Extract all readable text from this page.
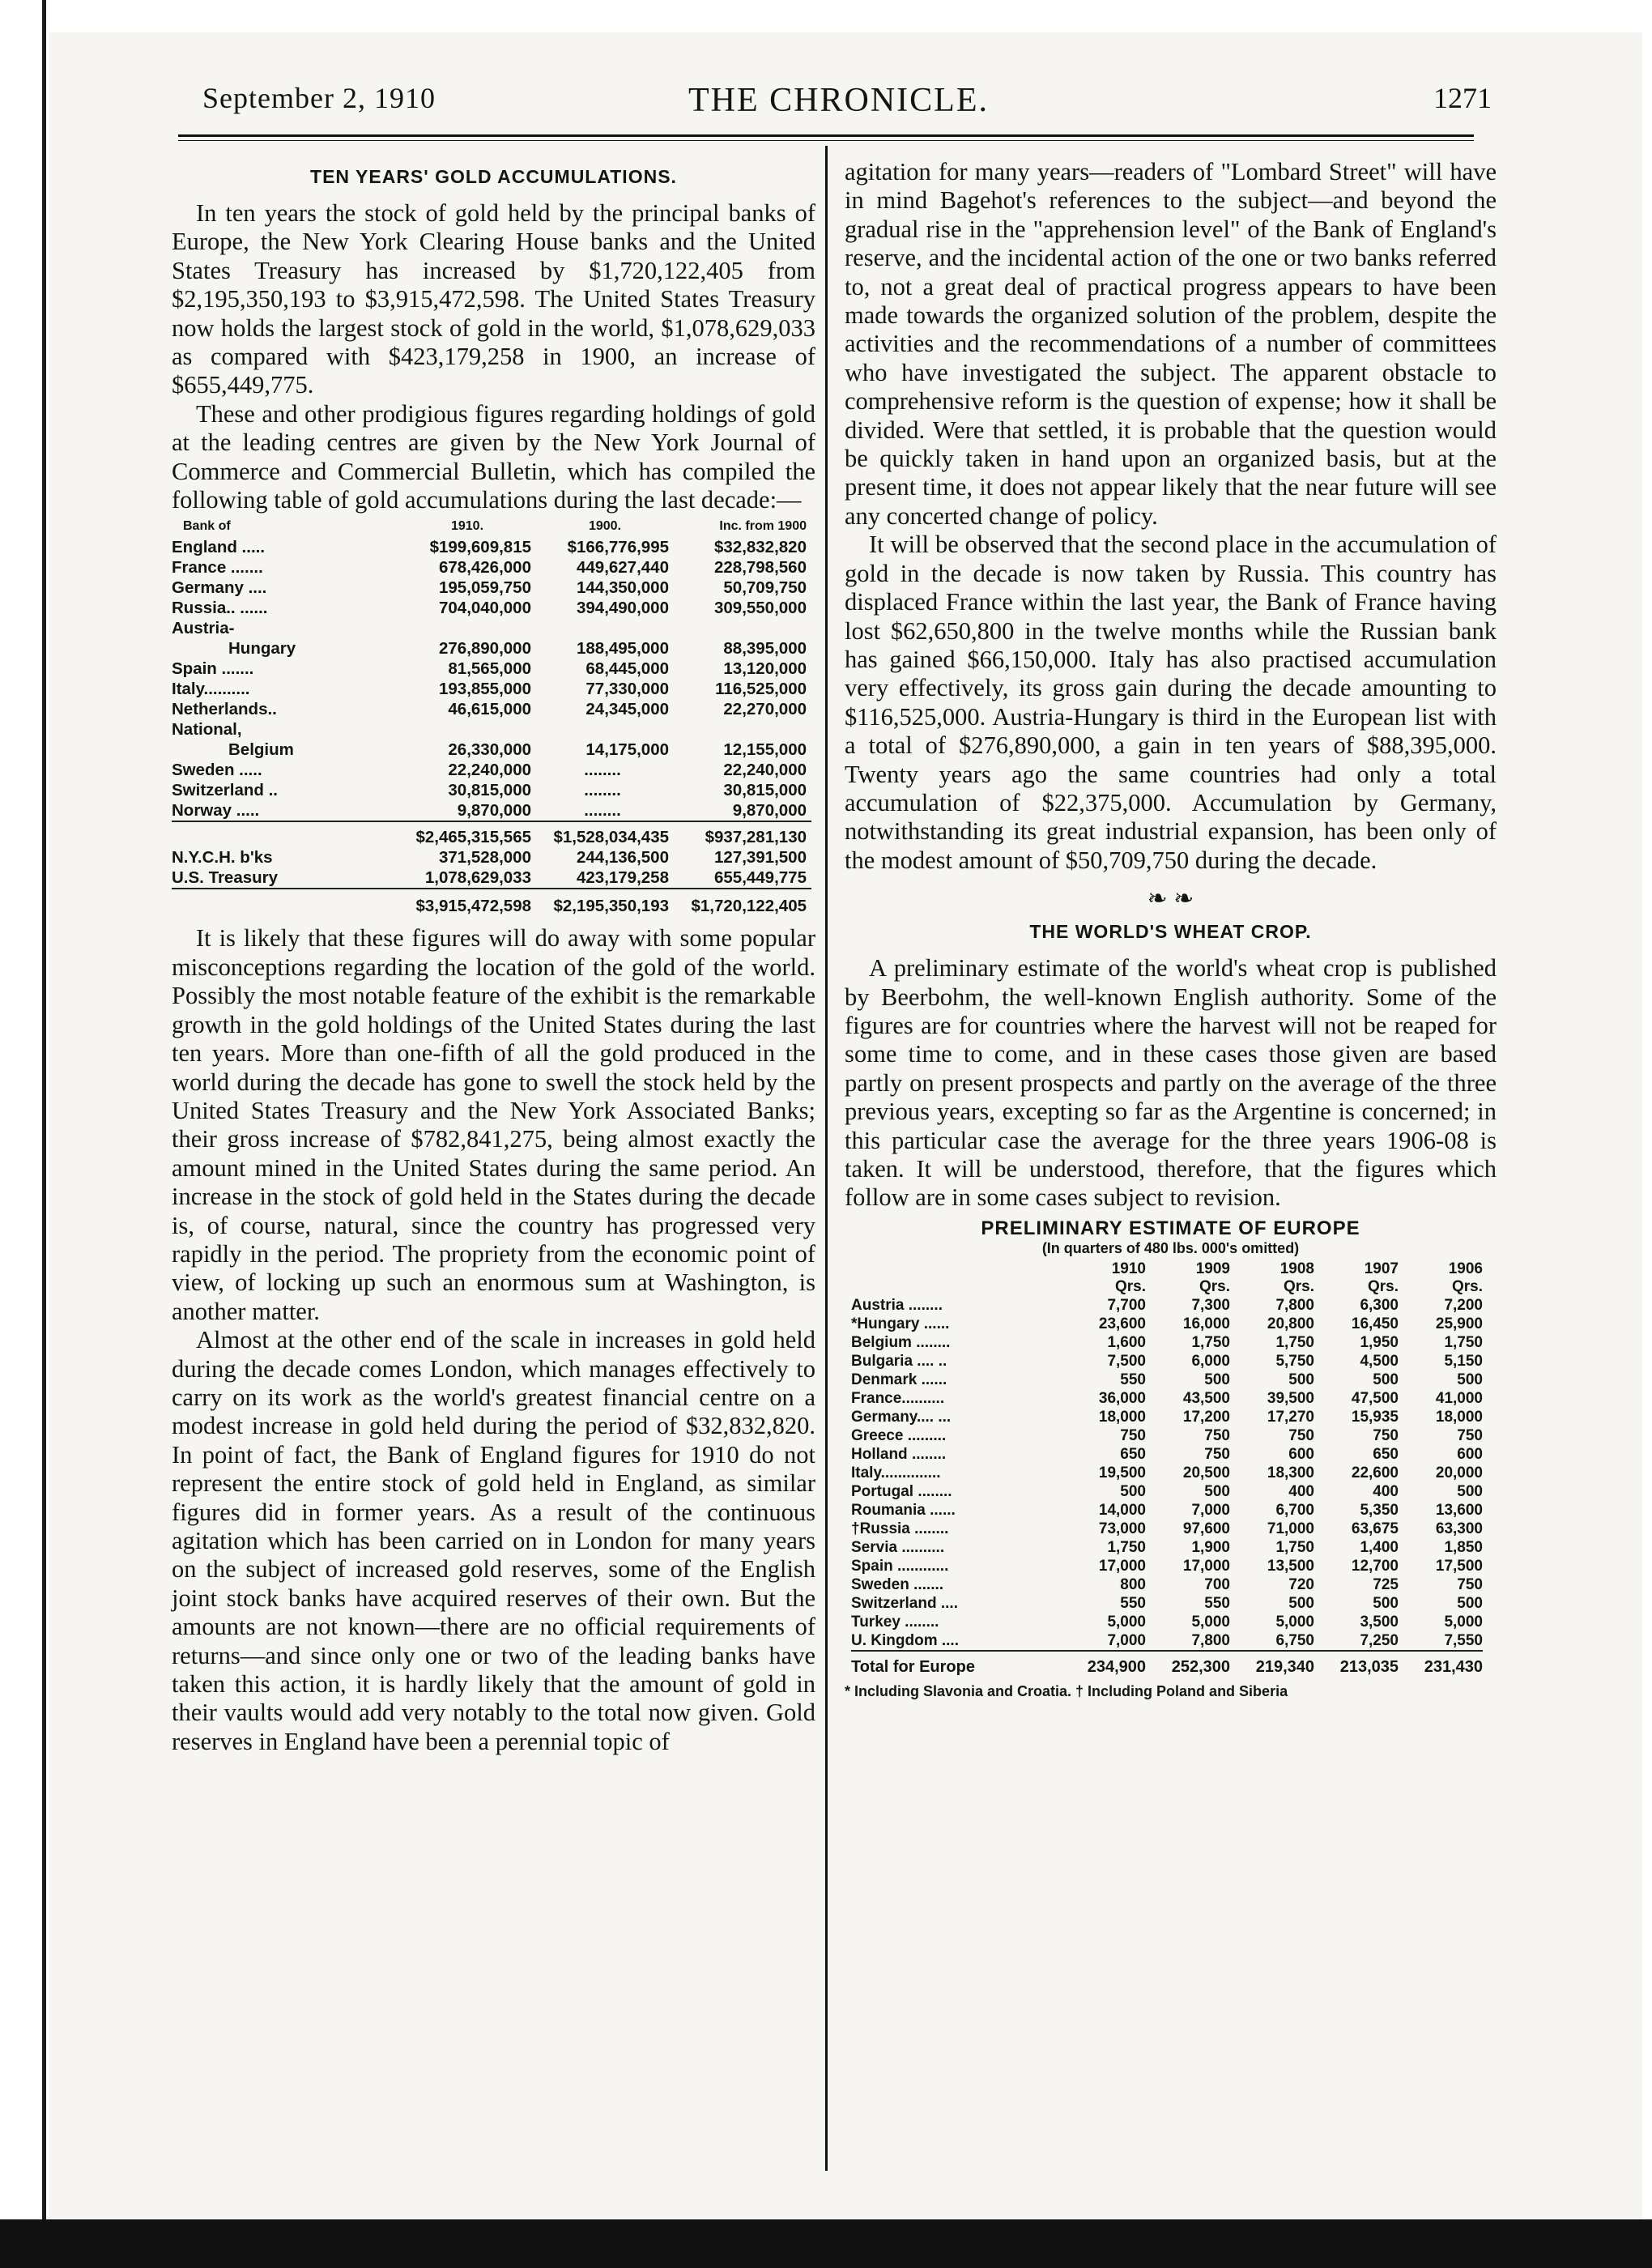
September 2, 1910	THE CHRONICLE.	1271
TEN YEARS' GOLD ACCUMULATIONS.

In ten years the stock of gold held by the principal banks of Europe, the New York Clearing House banks and the United States Treasury has increased by $1,720,122,405 from $2,195,350,193 to $3,915,472,598. The United States Treasury now holds the largest stock of gold in the world, $1,078,629,033 as compared with $423,179,258 in 1900, an increase of $655,449,775.

These and other prodigious figures regarding holdings of gold at the leading centres are given by the New York Journal of Commerce and Commercial Bulletin, which has compiled the following table of gold accumulations during the last decade:—

Bank of	1910.	1900.	Inc. from 1900
England .....	$199,609,815	$166,776,995	$32,832,820
France .......	678,426,000	449,627,440	228,798,560
Germany ....	195,059,750	144,350,000	50,709,750
Russia.. ......	704,040,000	394,490,000	309,550,000
Austria-			
Hungary	276,890,000	188,495,000	88,395,000
Spain .......	81,565,000	68,445,000	13,120,000
Italy..........	193,855,000	77,330,000	116,525,000
Netherlands..	46,615,000	24,345,000	22,270,000
National,			
Belgium	26,330,000	14,175,000	12,155,000
Sweden .....	22,240,000	........	22,240,000
Switzerland ..	30,815,000	........	30,815,000
Norway .....	9,870,000	........	9,870,000
	$2,465,315,565	$1,528,034,435	$937,281,130
N.Y.C.H. b'ks	371,528,000	244,136,500	127,391,500
U.S. Treasury	1,078,629,033	423,179,258	655,449,775
	$3,915,472,598	$2,195,350,193	$1,720,122,405

It is likely that these figures will do away with some popular misconceptions regarding the location of the gold of the world. Possibly the most notable feature of the exhibit is the remarkable growth in the gold holdings of the United States during the last ten years. More than one-fifth of all the gold produced in the world during the decade has gone to swell the stock held by the United States Treasury and the New York Associated Banks; their gross increase of $782,841,275, being almost exactly the amount mined in the United States during the same period. An increase in the stock of gold held in the States during the decade is, of course, natural, since the country has progressed very rapidly in the period. The propriety from the economic point of view, of locking up such an enormous sum at Washington, is another matter.

Almost at the other end of the scale in increases in gold held during the decade comes London, which manages effectively to carry on its work as the world's greatest financial centre on a modest increase in gold held during the period of $32,832,820. In point of fact, the Bank of England figures for 1910 do not represent the entire stock of gold held in England, as similar figures did in former years. As a result of the continuous agitation which has been carried on in London for many years on the subject of increased gold reserves, some of the English joint stock banks have acquired reserves of their own. But the amounts are not known—there are no official requirements of returns—and since only one or two of the leading banks have taken this action, it is hardly likely that the amount of gold in their vaults would add very notably to the total now given. Gold reserves in England have been a perennial topic of

agitation for many years—readers of "Lombard Street" will have in mind Bagehot's references to the subject—and beyond the gradual rise in the "apprehension level" of the Bank of England's reserve, and the incidental action of the one or two banks referred to, not a great deal of practical progress appears to have been made towards the organized solution of the problem, despite the activities and the recommendations of a number of committees who have investigated the subject. The apparent obstacle to comprehensive reform is the question of expense; how it shall be divided. Were that settled, it is probable that the question would be quickly taken in hand upon an organized basis, but at the present time, it does not appear likely that the near future will see any concerted change of policy.

It will be observed that the second place in the accumulation of gold in the decade is now taken by Russia. This country has displaced France within the last year, the Bank of France having lost $62,650,800 in the twelve months while the Russian bank has gained $66,150,000. Italy has also practised accumulation very effectively, its gross gain during the decade amounting to $116,525,000. Austria-Hungary is third in the European list with a total of $276,890,000, a gain in ten years of $88,395,000. Twenty years ago the same countries had only a total accumulation of $22,375,000. Accumulation by Germany, notwithstanding its great industrial expansion, has been only of the modest amount of $50,709,750 during the decade.

❧ ❧
THE WORLD'S WHEAT CROP.

A preliminary estimate of the world's wheat crop is published by Beerbohm, the well-known English authority. Some of the figures are for countries where the harvest will not be reaped for some time to come, and in these cases those given are based partly on present prospects and partly on the average of the three previous years, excepting so far as the Argentine is concerned; in this particular case the average for the three years 1906-08 is taken. It will be understood, therefore, that the figures which follow are in some cases subject to revision.

PRELIMINARY ESTIMATE OF EUROPE
(In quarters of 480 lbs. 000's omitted)
	1910	1909	1908	1907	1906
	Qrs.	Qrs.	Qrs.	Qrs.	Qrs.
Austria ........	7,700	7,300	7,800	6,300	7,200
*Hungary ......	23,600	16,000	20,800	16,450	25,900
Belgium ........	1,600	1,750	1,750	1,950	1,750
Bulgaria .... ..	7,500	6,000	5,750	4,500	5,150
Denmark ......	550	500	500	500	500
France..........	36,000	43,500	39,500	47,500	41,000
Germany.... ...	18,000	17,200	17,270	15,935	18,000
Greece .........	750	750	750	750	750
Holland ........	650	750	600	650	600
Italy..............	19,500	20,500	18,300	22,600	20,000
Portugal ........	500	500	400	400	500
Roumania ......	14,000	7,000	6,700	5,350	13,600
†Russia ........	73,000	97,600	71,000	63,675	63,300
Servia ..........	1,750	1,900	1,750	1,400	1,850
Spain ............	17,000	17,000	13,500	12,700	17,500
Sweden .......	800	700	720	725	750
Switzerland ....	550	550	500	500	500
Turkey ........	5,000	5,000	5,000	3,500	5,000
U. Kingdom ....	7,000	7,800	6,750	7,250	7,550
Total for Europe	234,900	252,300	219,340	213,035	231,430
* Including Slavonia and Croatia. † Including Poland and Siberia
